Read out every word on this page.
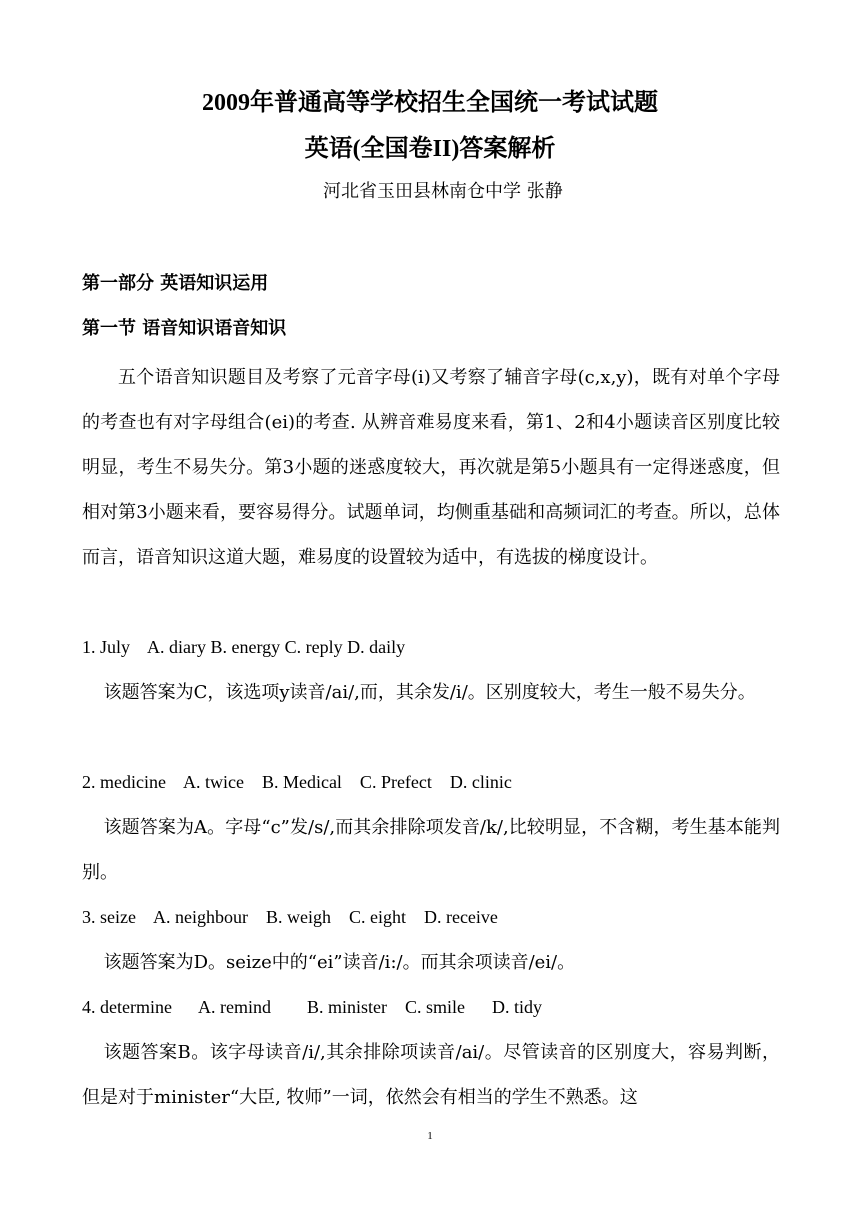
2009年普通高等学校招生全国统一考试试题
英语(全国卷II)答案解析
河北省玉田县林南仓中学 张静
第一部分 英语知识运用
第一节 语音知识语音知识

五个语音知识题目及考察了元音字母(i)又考察了辅音字母(c,x,y)，既有对单个字母的考查也有对字母组合(ei)的考查. 从辨音难易度来看，第1、2和4小题读音区别度比较明显，考生不易失分。第3小题的迷惑度较大，再次就是第5小题具有一定得迷惑度，但相对第3小题来看，要容易得分。试题单词，均侧重基础和高频词汇的考查。所以，总体而言，语音知识这道大题，难易度的设置较为适中，有选拔的梯度设计。

1. July    A. diary B. energy C. reply D. daily

该题答案为C，该选项y读音/ai/,而，其余发/i/。区别度较大，考生一般不易失分。

2. medicine    A. twice    B. Medical    C. Prefect    D. clinic

该题答案为A。字母“c”发/s/,而其余排除项发音/k/,比较明显，不含糊，考生基本能判别。

3. seize    A. neighbour    B. weigh    C. eight    D. receive

该题答案为D。seize中的“ei”读音/i:/。而其余项读音/ei/。

4. determine      A. remind        B. minister    C. smile      D. tidy

该题答案B。该字母读音/i/,其余排除项读音/ai/。尽管读音的区别度大，容易判断，但是对于minister“大臣, 牧师”一词，依然会有相当的学生不熟悉。这

1
